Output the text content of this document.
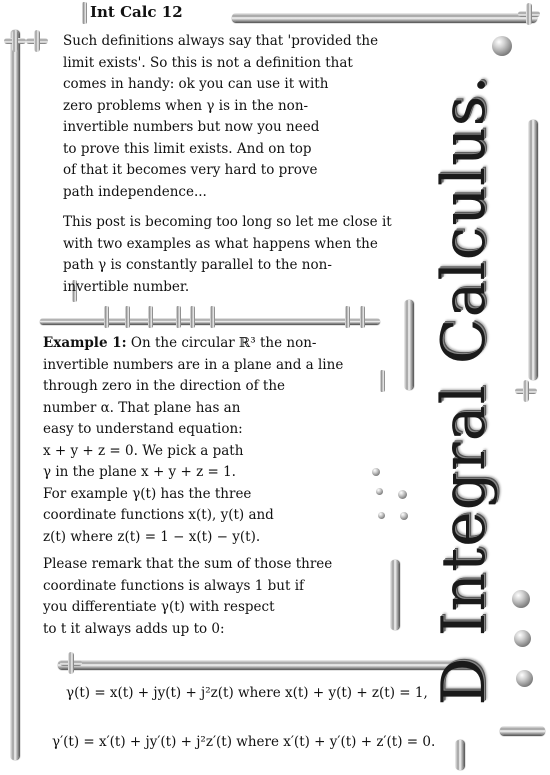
D Integral Calculus.
Int Calc 12
Such definitions always say that 'provided the
limit exists'. So this is not a definition that
comes in handy: ok you can use it with
zero problems when γ is in the non-
invertible numbers but now you need
to prove this limit exists. And on top
of that it becomes very hard to prove
path independence...
This post is becoming too long so let me close it
with two examples as what happens when the
path γ is constantly parallel to the non-
invertible number.
Example 1: On the circular ℝ³ the non-
invertible numbers are in a plane and a line
through zero in the direction of the
number α. That plane has an
easy to understand equation:
x + y + z = 0. We pick a path
γ in the plane x + y + z = 1.
For example γ(t) has the three
coordinate functions x(t), y(t) and
z(t) where z(t) = 1 − x(t) − y(t).
Please remark that the sum of those three
coordinate functions is always 1 but if
you differentiate γ(t) with respect
to t it always adds up to 0:
γ(t) = x(t) + jy(t) + j²z(t) where x(t) + y(t) + z(t) = 1,
γ′(t) = x′(t) + jy′(t) + j²z′(t) where x′(t) + y′(t) + z′(t) = 0.
